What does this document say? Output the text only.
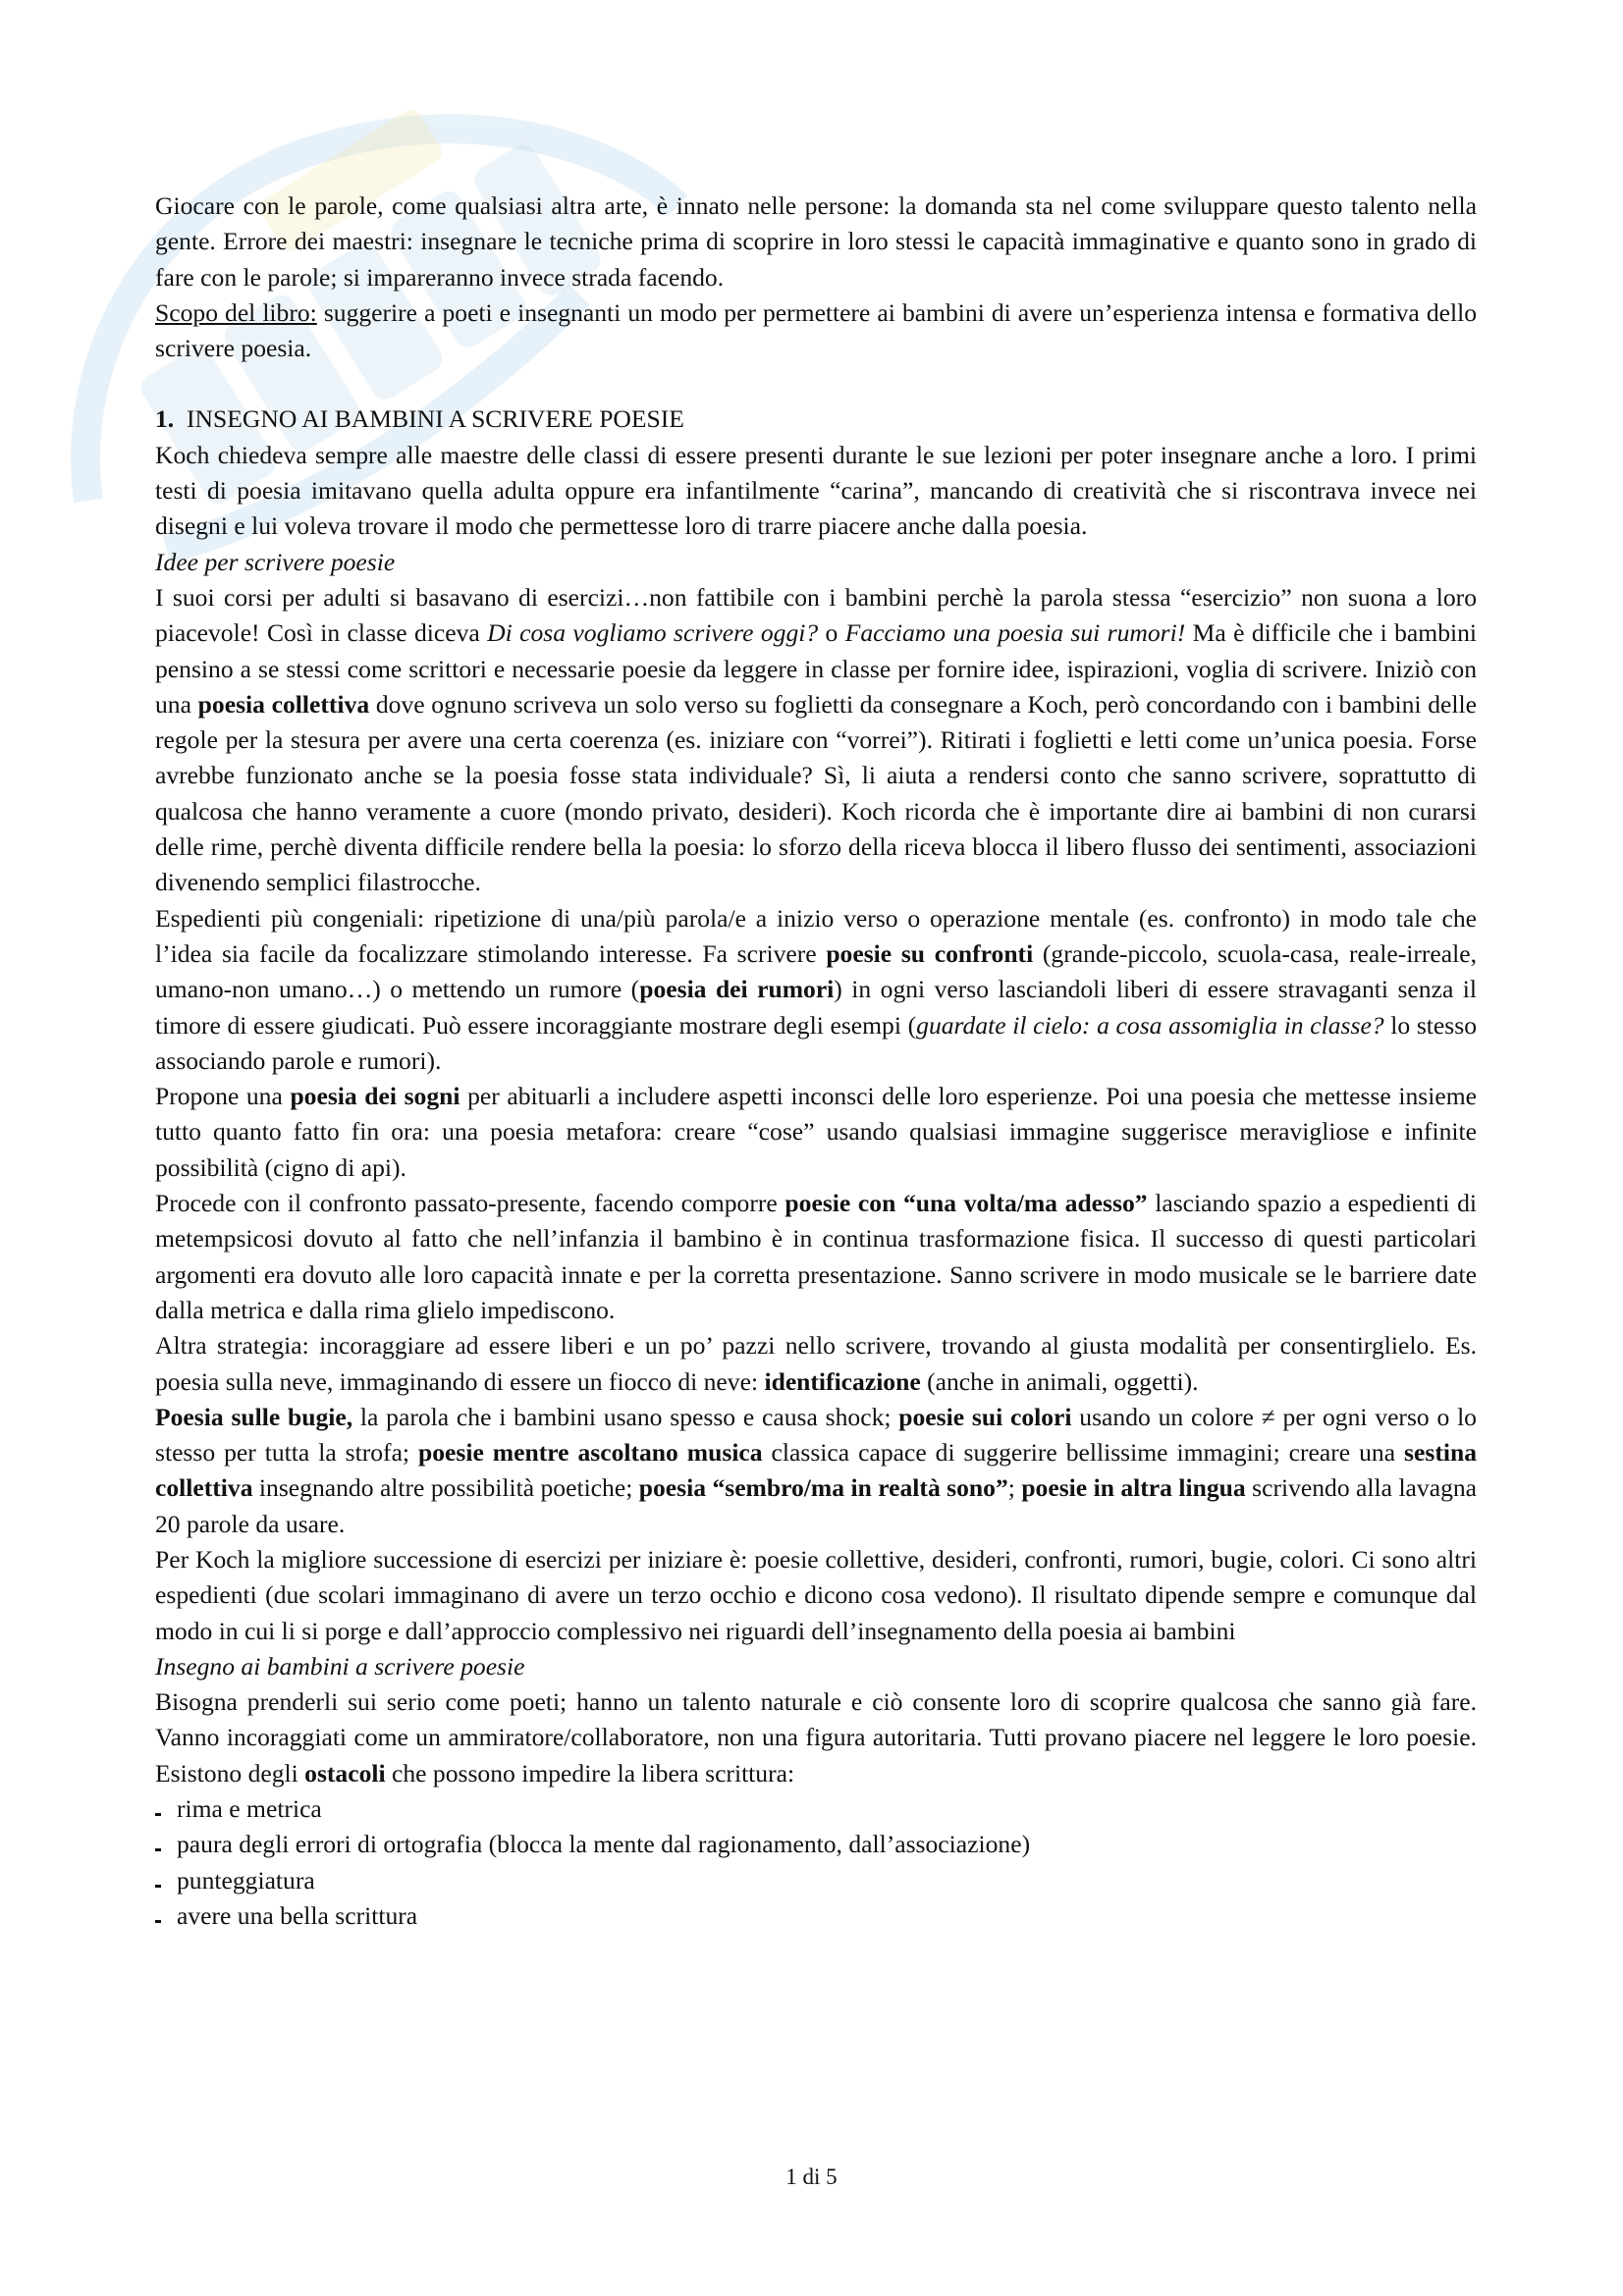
Giocare con le parole, come qualsiasi altra arte, è innato nelle persone: la domanda sta nel come sviluppare questo talento nella gente. Errore dei maestri: insegnare le tecniche prima di scoprire in loro stessi le capacità immaginative e quanto sono in grado di fare con le parole; si impareranno invece strada facendo.

Scopo del libro: suggerire a poeti e insegnanti un modo per permettere ai bambini di avere un’esperienza intensa e formativa dello scrivere poesia.

1.  INSEGNO AI BAMBINI A SCRIVERE POESIE

Koch chiedeva sempre alle maestre delle classi di essere presenti durante le sue lezioni per poter insegnare anche a loro. I primi testi di poesia imitavano quella adulta oppure era infantilmente “carina”, mancando di creatività che si riscontrava invece nei disegni e lui voleva trovare il modo che permettesse loro di trarre piacere anche dalla poesia.

Idee per scrivere poesie

I suoi corsi per adulti si basavano di esercizi…non fattibile con i bambini perchè la parola stessa “esercizio” non suona a loro piacevole! Così in classe diceva Di cosa vogliamo scrivere oggi? o Facciamo una poesia sui rumori! Ma è difficile che i bambini pensino a se stessi come scrittori e necessarie poesie da leggere in classe per fornire idee, ispirazioni, voglia di scrivere. Iniziò con una poesia collettiva dove ognuno scriveva un solo verso su foglietti da consegnare a Koch, però concordando con i bambini delle regole per la stesura per avere una certa coerenza (es. iniziare con “vorrei”). Ritirati i foglietti e letti come un’unica poesia. Forse avrebbe funzionato anche se la poesia fosse stata individuale? Sì, li aiuta a rendersi conto che sanno scrivere, soprattutto di qualcosa che hanno veramente a cuore (mondo privato, desideri). Koch ricorda che è importante dire ai bambini di non curarsi delle rime, perchè diventa difficile rendere bella la poesia: lo sforzo della riceva blocca il libero flusso dei sentimenti, associazioni divenendo semplici filastrocche.

Espedienti più congeniali: ripetizione di una/più parola/e a inizio verso o operazione mentale (es. confronto) in modo tale che l’idea sia facile da focalizzare stimolando interesse. Fa scrivere poesie su confronti (grande-piccolo, scuola-casa, reale-irreale, umano-non umano…) o mettendo un rumore (poesia dei rumori) in ogni verso lasciandoli liberi di essere stravaganti senza il timore di essere giudicati. Può essere incoraggiante mostrare degli esempi (guardate il cielo: a cosa assomiglia in classe? lo stesso associando parole e rumori).

Propone una poesia dei sogni per abituarli a includere aspetti inconsci delle loro esperienze. Poi una poesia che mettesse insieme tutto quanto fatto fin ora: una poesia metafora: creare “cose” usando qualsiasi immagine suggerisce meravigliose e infinite possibilità (cigno di api).

Procede con il confronto passato-presente, facendo comporre poesie con “una volta/ma adesso” lasciando spazio a espedienti di metempsicosi dovuto al fatto che nell’infanzia il bambino è in continua trasformazione fisica. Il successo di questi particolari argomenti era dovuto alle loro capacità innate e per la corretta presentazione. Sanno scrivere in modo musicale se le barriere date dalla metrica e dalla rima glielo impediscono.

Altra strategia: incoraggiare ad essere liberi e un po’ pazzi nello scrivere, trovando al giusta modalità per consentirglielo. Es. poesia sulla neve, immaginando di essere un fiocco di neve: identificazione (anche in animali, oggetti).

Poesia sulle bugie, la parola che i bambini usano spesso e causa shock; poesie sui colori usando un colore ≠ per ogni verso o lo stesso per tutta la strofa; poesie mentre ascoltano musica classica capace di suggerire bellissime immagini; creare una sestina collettiva insegnando altre possibilità poetiche; poesia “sembro/ma in realtà sono”; poesie in altra lingua scrivendo alla lavagna 20 parole da usare.

Per Koch la migliore successione di esercizi per iniziare è: poesie collettive, desideri, confronti, rumori, bugie, colori. Ci sono altri espedienti (due scolari immaginano di avere un terzo occhio e dicono cosa vedono). Il risultato dipende sempre e comunque dal modo in cui li si porge e dall’approccio complessivo nei riguardi dell’insegnamento della poesia ai bambini

Insegno ai bambini a scrivere poesie

Bisogna prenderli sui serio come poeti; hanno un talento naturale e ciò consente loro di scoprire qualcosa che sanno già fare. Vanno incoraggiati come un ammiratore/collaboratore, non una figura autoritaria. Tutti provano piacere nel leggere le loro poesie. Esistono degli ostacoli che possono impedire la libera scrittura:

rima e metrica
paura degli errori di ortografia (blocca la mente dal ragionamento, dall’associazione)
punteggiatura
avere una bella scrittura
1 di 5
